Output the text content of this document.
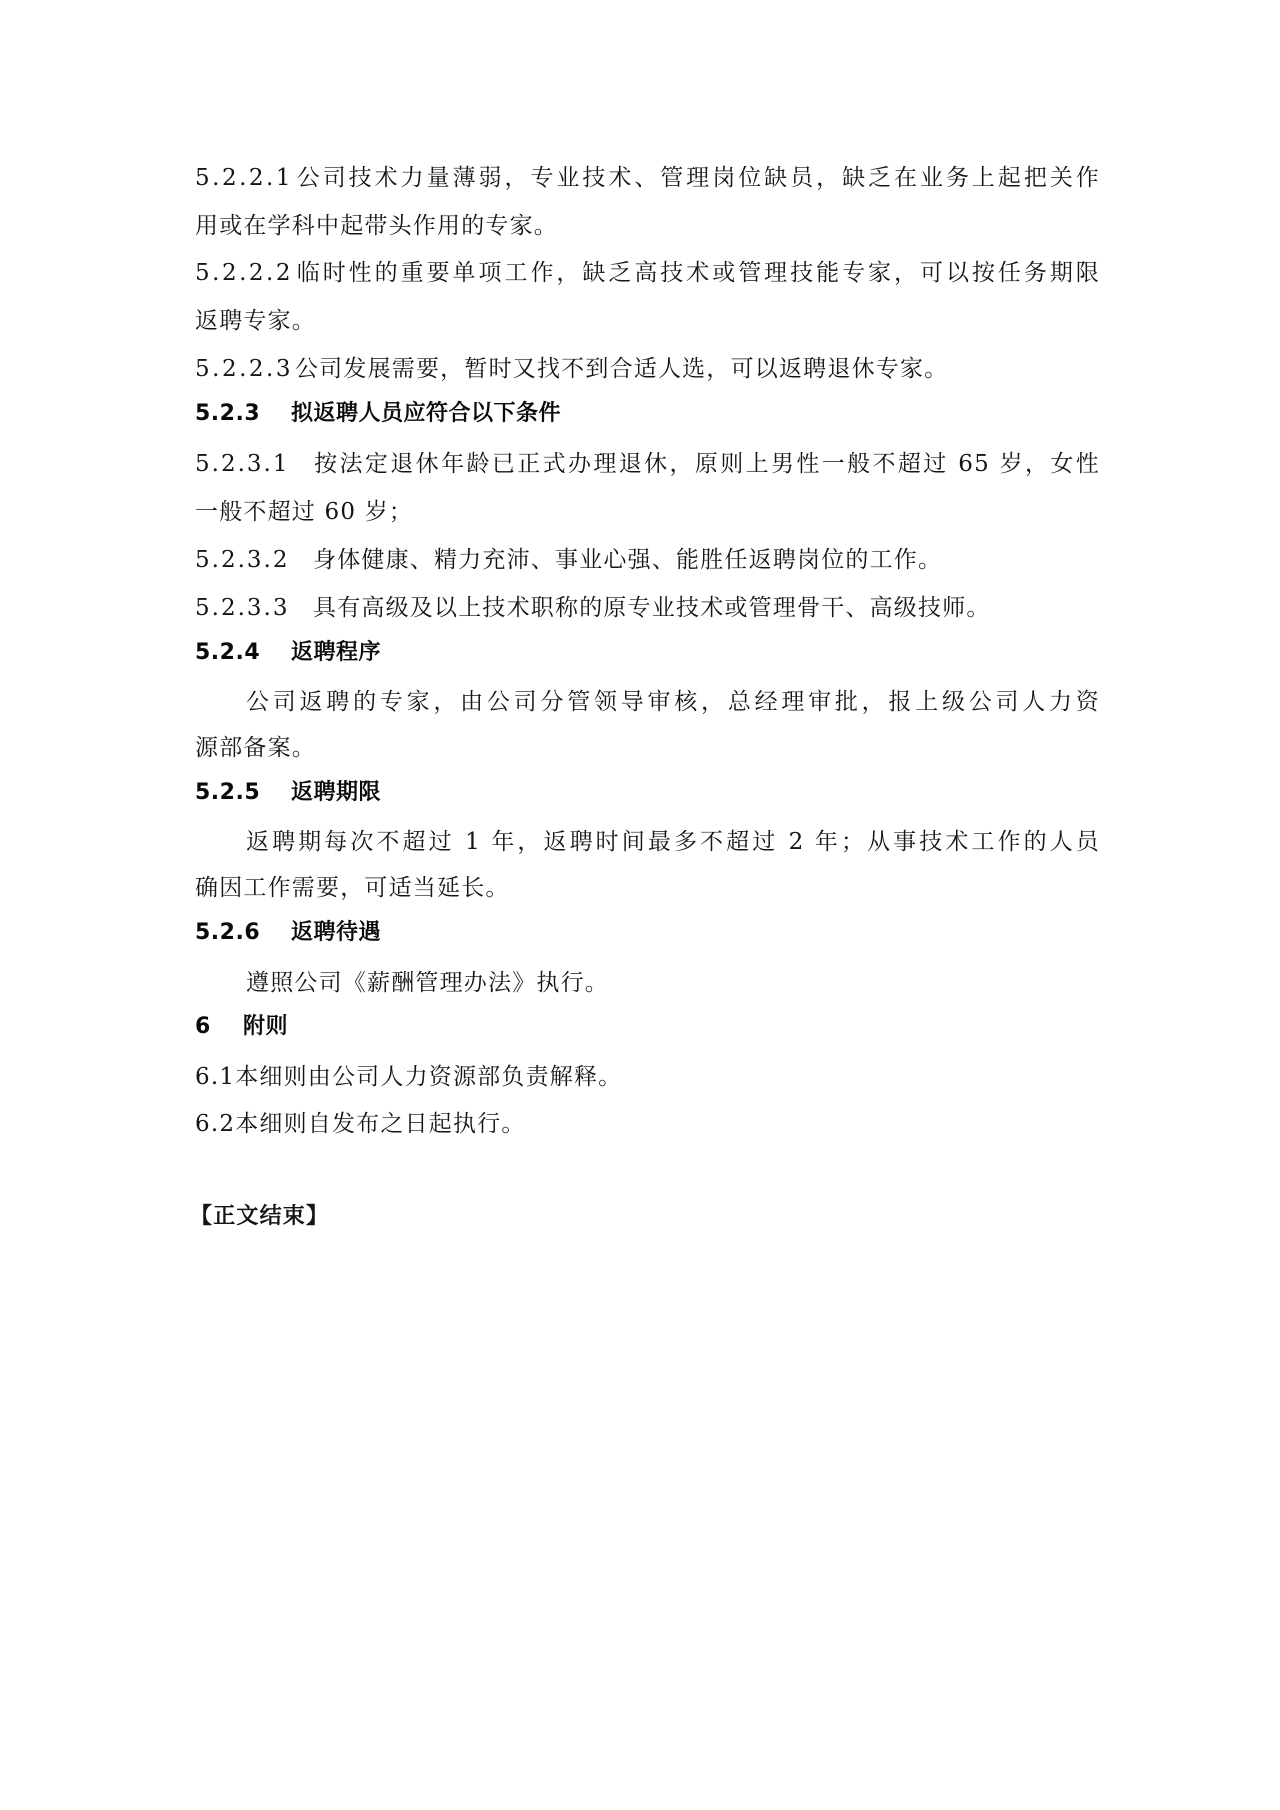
5.2.2.1公司技术力量薄弱，专业技术、管理岗位缺员，缺乏在业务上起把关作
用或在学科中起带头作用的专家。
5.2.2.2临时性的重要单项工作，缺乏高技术或管理技能专家，可以按任务期限
返聘专家。
5.2.2.3公司发展需要，暂时又找不到合适人选，可以返聘退休专家。
5.2.3 拟返聘人员应符合以下条件
5.2.3.1 按法定退休年龄已正式办理退休，原则上男性一般不超过 65 岁，女性
一般不超过 60 岁；
5.2.3.2 身体健康、精力充沛、事业心强、能胜任返聘岗位的工作。
5.2.3.3 具有高级及以上技术职称的原专业技术或管理骨干、高级技师。
5.2.4 返聘程序
公司返聘的专家，由公司分管领导审核，总经理审批，报上级公司人力资
源部备案。
5.2.5 返聘期限
返聘期每次不超过 1 年，返聘时间最多不超过 2 年；从事技术工作的人员
确因工作需要，可适当延长。
5.2.6 返聘待遇
遵照公司《薪酬管理办法》执行。
6 附则
6.1本细则由公司人力资源部负责解释。
6.2本细则自发布之日起执行。
【正文结束】
